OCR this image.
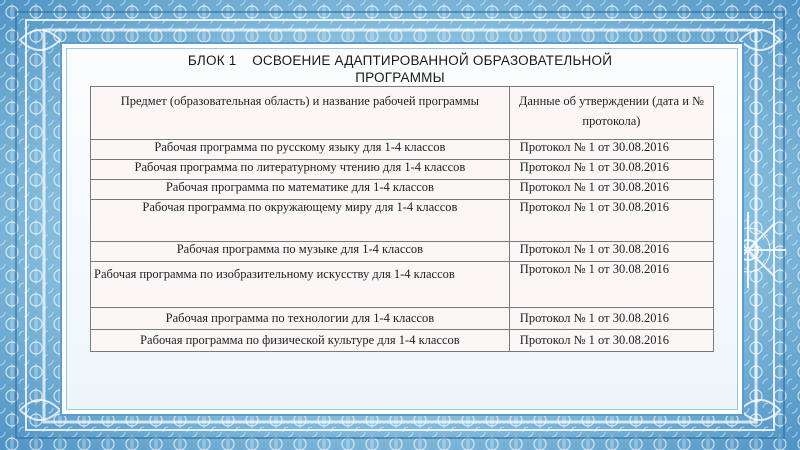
БЛОК 1    ОСВОЕНИЕ АДАПТИРОВАННОЙ ОБРАЗОВАТЕЛЬНОЙ
ПРОГРАММЫ
Предмет (образовательная область) и название рабочей программы	Данные об утверждении (дата и № протокола)
Рабочая программа по русскому языку для 1-4 классов	Протокол № 1 от 30.08.2016
Рабочая программа по литературному чтению для 1-4 классов	Протокол № 1 от 30.08.2016
Рабочая программа по математике для 1-4 классов	Протокол № 1 от 30.08.2016
Рабочая программа по окружающему миру для 1-4 классов	Протокол № 1 от 30.08.2016
Рабочая программа по музыке для 1-4 классов	Протокол № 1 от 30.08.2016
Рабочая программа по изобразительному искусству для 1-4 классов	Протокол № 1 от 30.08.2016
Рабочая программа по технологии для 1-4 классов	Протокол № 1 от 30.08.2016
Рабочая программа по физической культуре для 1-4 классов	Протокол № 1 от 30.08.2016
